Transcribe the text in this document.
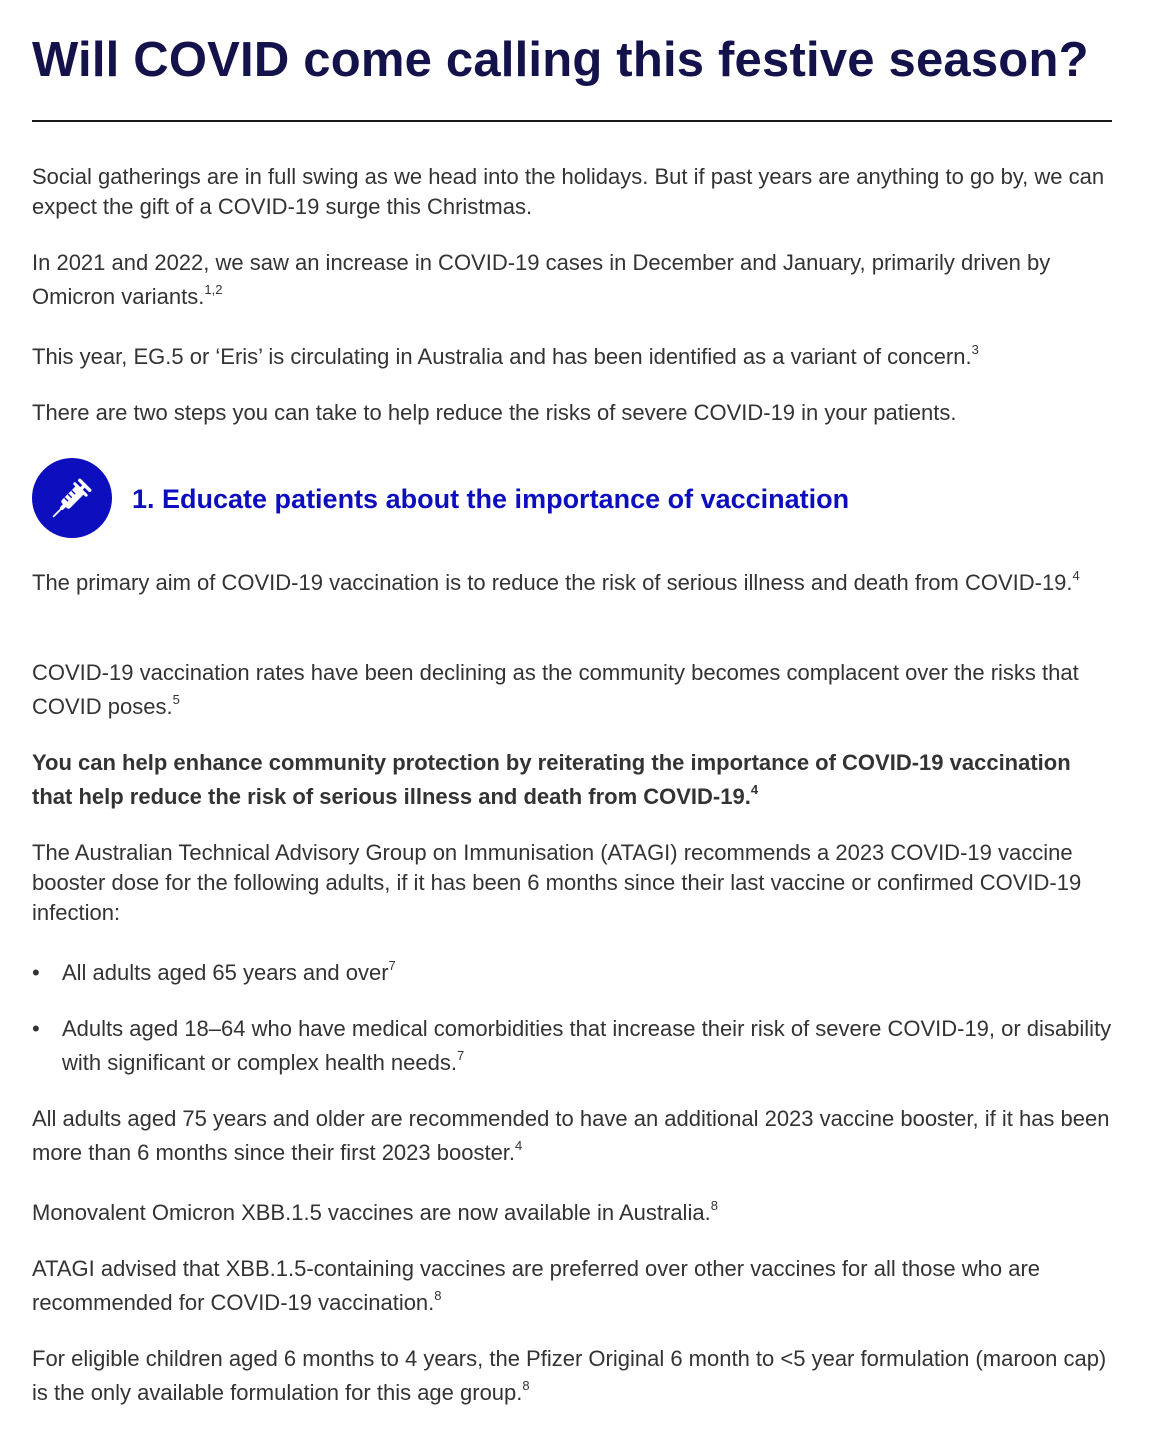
Will COVID come calling this festive season?

Social gatherings are in full swing as we head into the holidays. But if past years are anything to go by, we can expect the gift of a COVID-19 surge this Christmas.

In 2021 and 2022, we saw an increase in COVID-19 cases in December and January, primarily driven by Omicron variants.$^{1,2}$

This year, EG.5 or ‘Eris’ is circulating in Australia and has been identified as a variant of concern.$^3$

There are two steps you can take to help reduce the risks of severe COVID-19 in your patients.

1. Educate patients about the importance of vaccination

The primary aim of COVID-19 vaccination is to reduce the risk of serious illness and death from COVID-19.$^4$

COVID-19 vaccination rates have been declining as the community becomes complacent over the risks that COVID poses.$^5$

You can help enhance community protection by reiterating the importance of COVID-19 vaccination that help reduce the risk of serious illness and death from COVID-19.$^4$

The Australian Technical Advisory Group on Immunisation (ATAGI) recommends a 2023 COVID-19 vaccine booster dose for the following adults, if it has been 6 months since their last vaccine or confirmed COVID-19 infection:

• All adults aged 65 years and over$^7$
• Adults aged 18–64 who have medical comorbidities that increase their risk of severe COVID-19, or disability with significant or complex health needs.$^7$

All adults aged 75 years and older are recommended to have an additional 2023 vaccine booster, if it has been more than 6 months since their first 2023 booster.$^4$

Monovalent Omicron XBB.1.5 vaccines are now available in Australia.$^8$

ATAGI advised that XBB.1.5-containing vaccines are preferred over other vaccines for all those who are recommended for COVID-19 vaccination.$^8$

For eligible children aged 6 months to 4 years, the Pfizer Original 6 month to <5 year formulation (maroon cap) is the only available formulation for this age group.$^8$
